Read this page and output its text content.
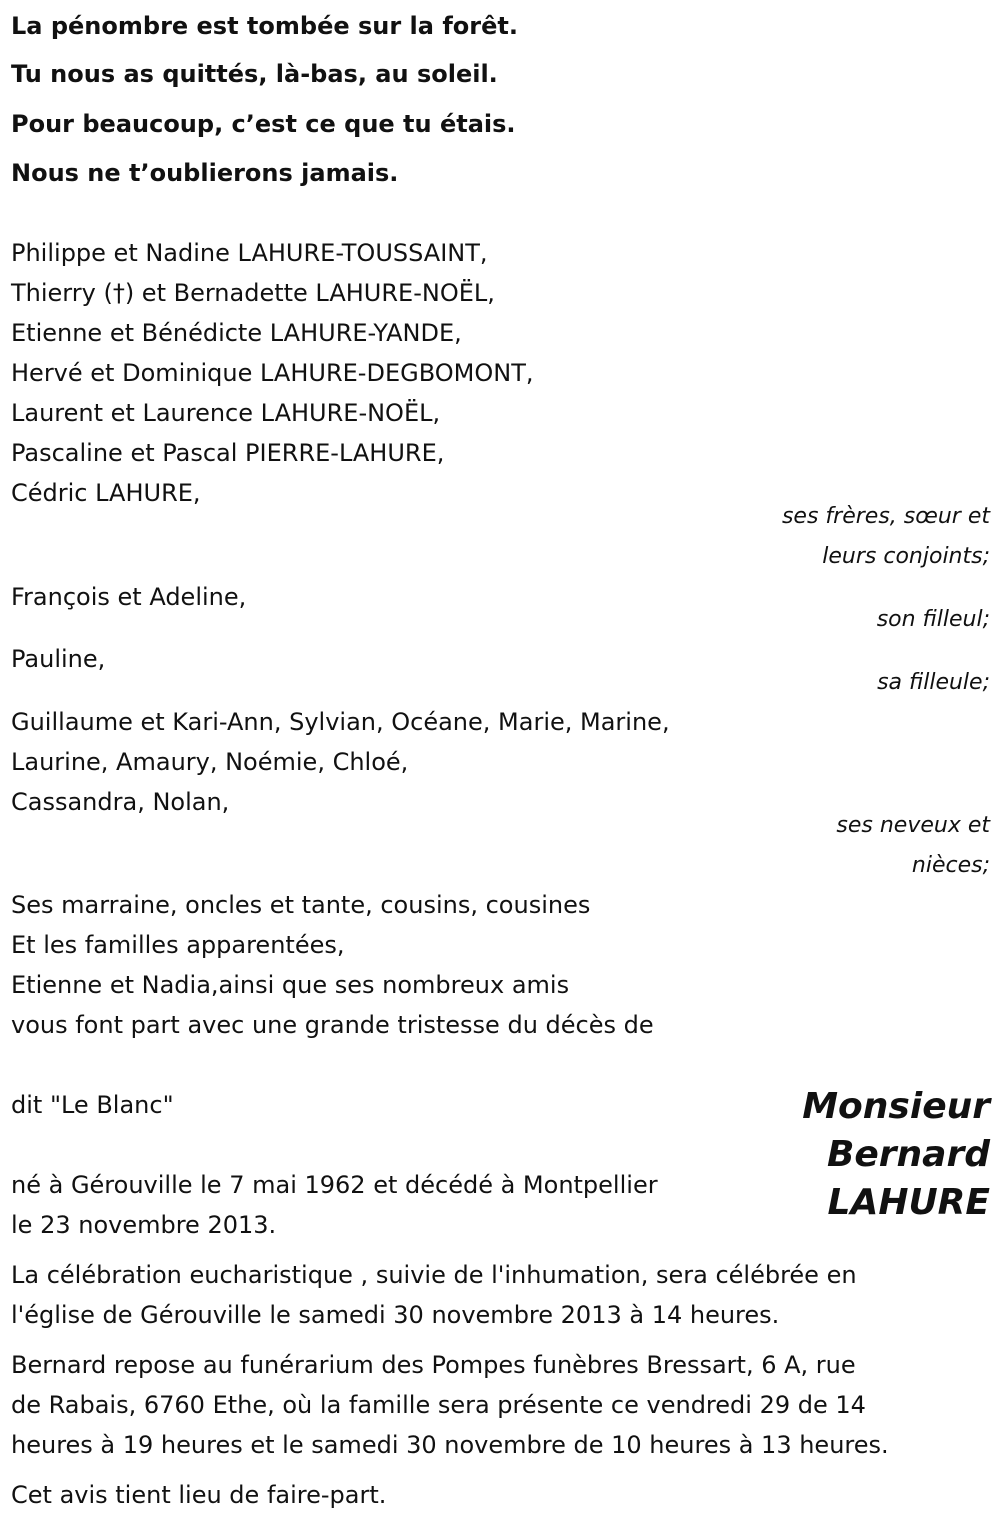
La pénombre est tombée sur la forêt.
Tu nous as quittés, là-bas, au soleil.
Pour beaucoup, c’est ce que tu étais.
Nous ne t’oublierons jamais.
Philippe et Nadine LAHURE-TOUSSAINT,
Thierry (†) et Bernadette LAHURE-NOËL,
Etienne et Bénédicte LAHURE-YANDE,
Hervé et Dominique LAHURE-DEGBOMONT,
Laurent et Laurence LAHURE-NOËL,
Pascaline et Pascal PIERRE-LAHURE,
Cédric LAHURE,
ses frères, sœur et
leurs conjoints;
François et Adeline,
son filleul;
Pauline,
sa filleule;
Guillaume et Kari-Ann, Sylvian, Océane, Marie, Marine,
Laurine, Amaury, Noémie, Chloé,
Cassandra, Nolan,
ses neveux et
nièces;
Ses marraine, oncles et tante, cousins, cousines
Et les familles apparentées,
Etienne et Nadia,ainsi que ses nombreux amis
vous font part avec une grande tristesse du décès de
dit "Le Blanc"	Monsieur
Bernard
LAHURE
né à Gérouville le 7 mai 1962 et décédé à Montpellier
le 23 novembre 2013.
La célébration eucharistique , suivie de l'inhumation, sera célébrée en
l'église de Gérouville le samedi 30 novembre 2013 à 14 heures.
Bernard repose au funérarium des Pompes funèbres Bressart, 6 A, rue
de Rabais, 6760 Ethe, où la famille sera présente ce vendredi 29 de 14
heures à 19 heures et le samedi 30 novembre de 10 heures à 13 heures.
Cet avis tient lieu de faire-part.
